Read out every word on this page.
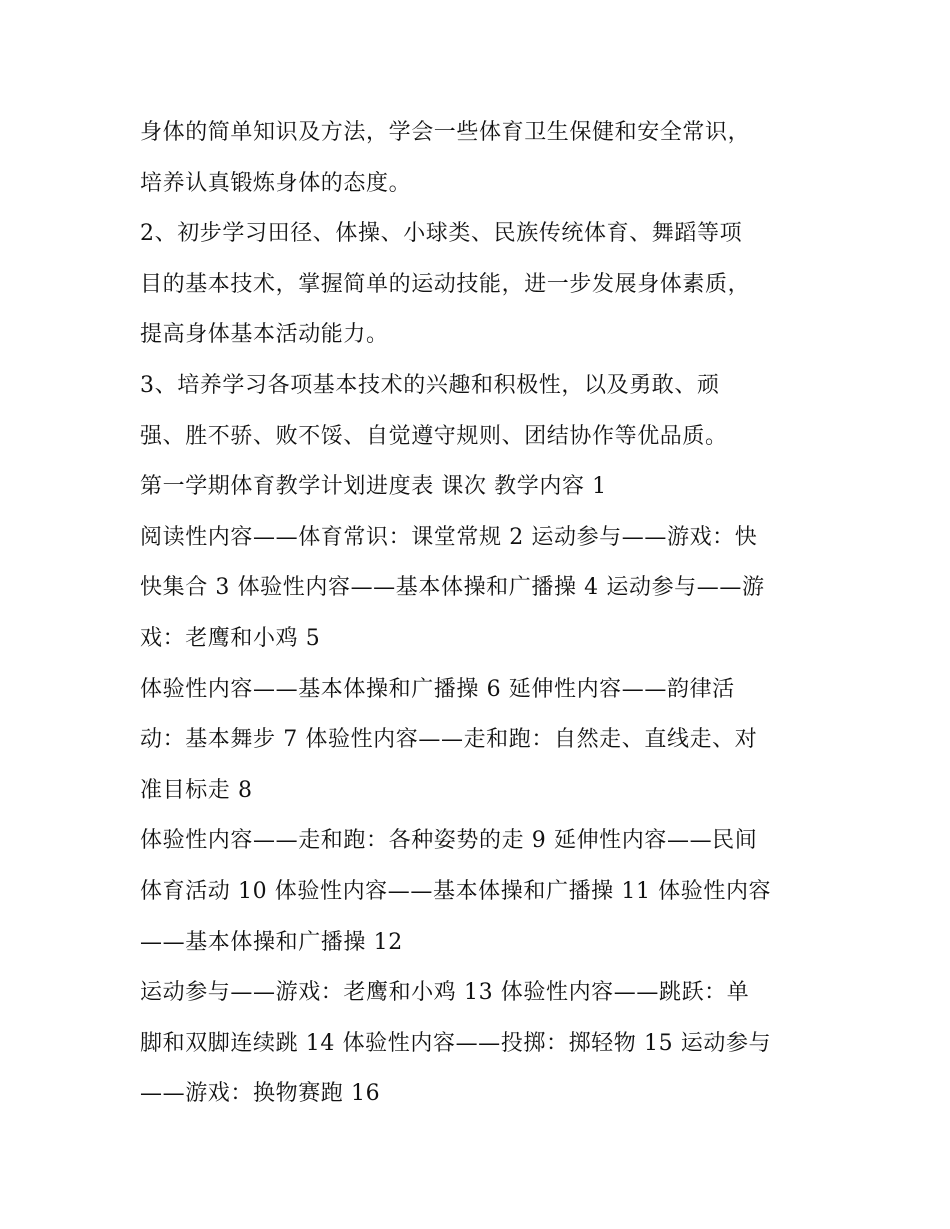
身体的简单知识及方法，学会一些体育卫生保健和安全常识，
培养认真锻炼身体的态度。
2、初步学习田径、体操、小球类、民族传统体育、舞蹈等项
目的基本技术，掌握简单的运动技能，进一步发展身体素质，
提高身体基本活动能力。
3、培养学习各项基本技术的兴趣和积极性，以及勇敢、顽
强、胜不骄、败不馁、自觉遵守规则、团结协作等优品质。
第一学期体育教学计划进度表 课次 教学内容 1
阅读性内容——体育常识：课堂常规 2 运动参与——游戏：快
快集合 3 体验性内容——基本体操和广播操 4 运动参与——游
戏：老鹰和小鸡 5
体验性内容——基本体操和广播操 6 延伸性内容——韵律活
动：基本舞步 7 体验性内容——走和跑：自然走、直线走、对
准目标走 8
体验性内容——走和跑：各种姿势的走 9 延伸性内容——民间
体育活动 10 体验性内容——基本体操和广播操 11 体验性内容
——基本体操和广播操 12
运动参与——游戏：老鹰和小鸡 13 体验性内容——跳跃：单
脚和双脚连续跳 14 体验性内容——投掷：掷轻物 15 运动参与
——游戏：换物赛跑 16
